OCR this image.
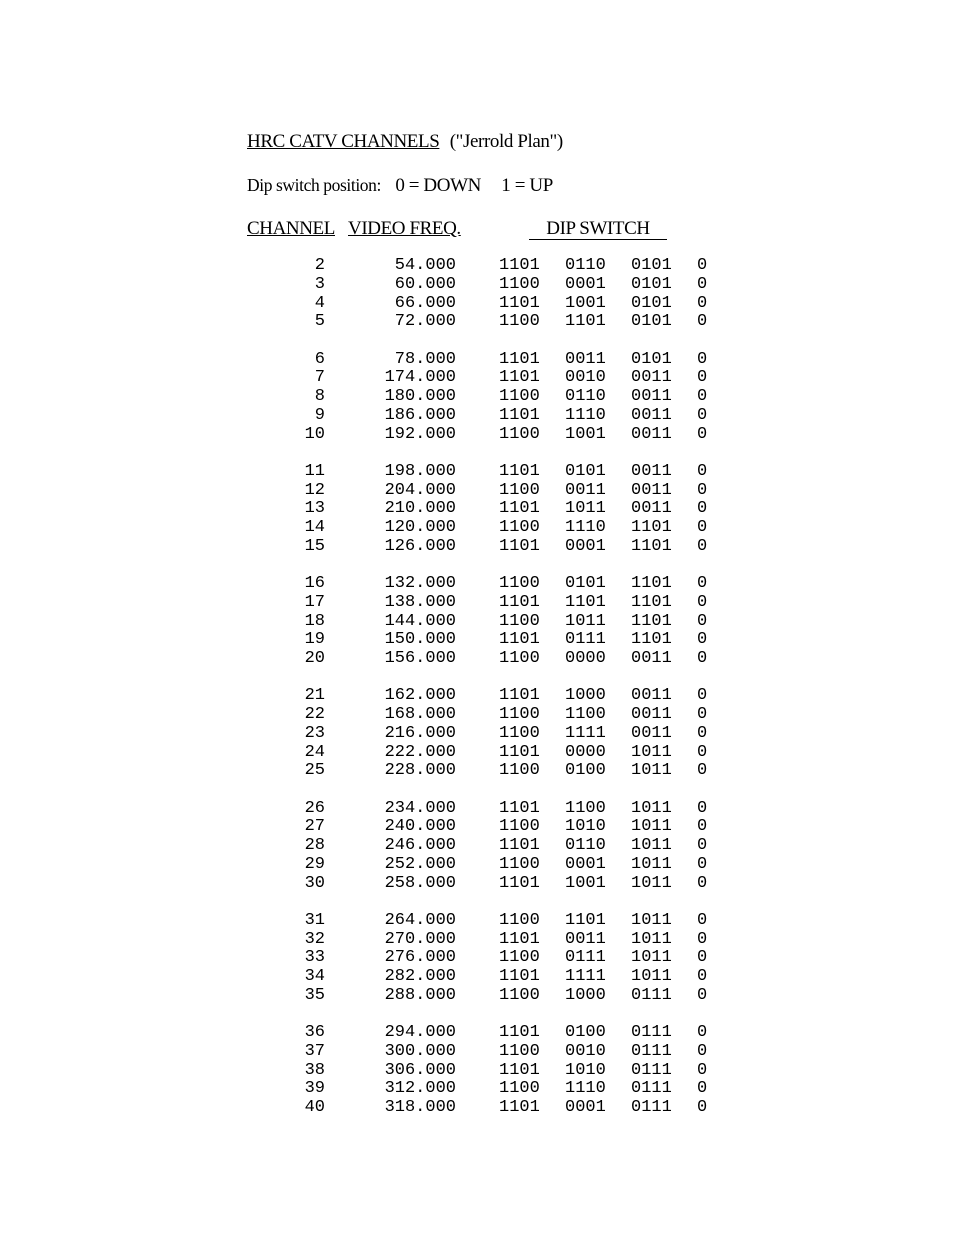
HRC CATV CHANNELS ("Jerrold Plan")
Dip switch position: 0 = DOWN 1 = UP
CHANNEL VIDEO FREQ.	DIP SWITCH
2	54.000	1101 0110 0101 0
3	60.000	1100 0001 0101 0
4	66.000	1101 1001 0101 0
5	72.000	1100 1101 0101 0
6	78.000	1101 0011 0101 0
7	174.000	1101 0010 0011 0
8	180.000	1100 0110 0011 0
9	186.000	1101 1110 0011 0
10	192.000	1100 1001 0011 0
11	198.000	1101 0101 0011 0
12	204.000	1100 0011 0011 0
13	210.000	1101 1011 0011 0
14	120.000	1100 1110 1101 0
15	126.000	1101 0001 1101 0
16	132.000	1100 0101 1101 0
17	138.000	1101 1101 1101 0
18	144.000	1100 1011 1101 0
19	150.000	1101 0111 1101 0
20	156.000	1100 0000 0011 0
21	162.000	1101 1000 0011 0
22	168.000	1100 1100 0011 0
23	216.000	1100 1111 0011 0
24	222.000	1101 0000 1011 0
25	228.000	1100 0100 1011 0
26	234.000	1101 1100 1011 0
27	240.000	1100 1010 1011 0
28	246.000	1101 0110 1011 0
29	252.000	1100 0001 1011 0
30	258.000	1101 1001 1011 0
31	264.000	1100 1101 1011 0
32	270.000	1101 0011 1011 0
33	276.000	1100 0111 1011 0
34	282.000	1101 1111 1011 0
35	288.000	1100 1000 0111 0
36	294.000	1101 0100 0111 0
37	300.000	1100 0010 0111 0
38	306.000	1101 1010 0111 0
39	312.000	1100 1110 0111 0
40	318.000	1101 0001 0111 0
